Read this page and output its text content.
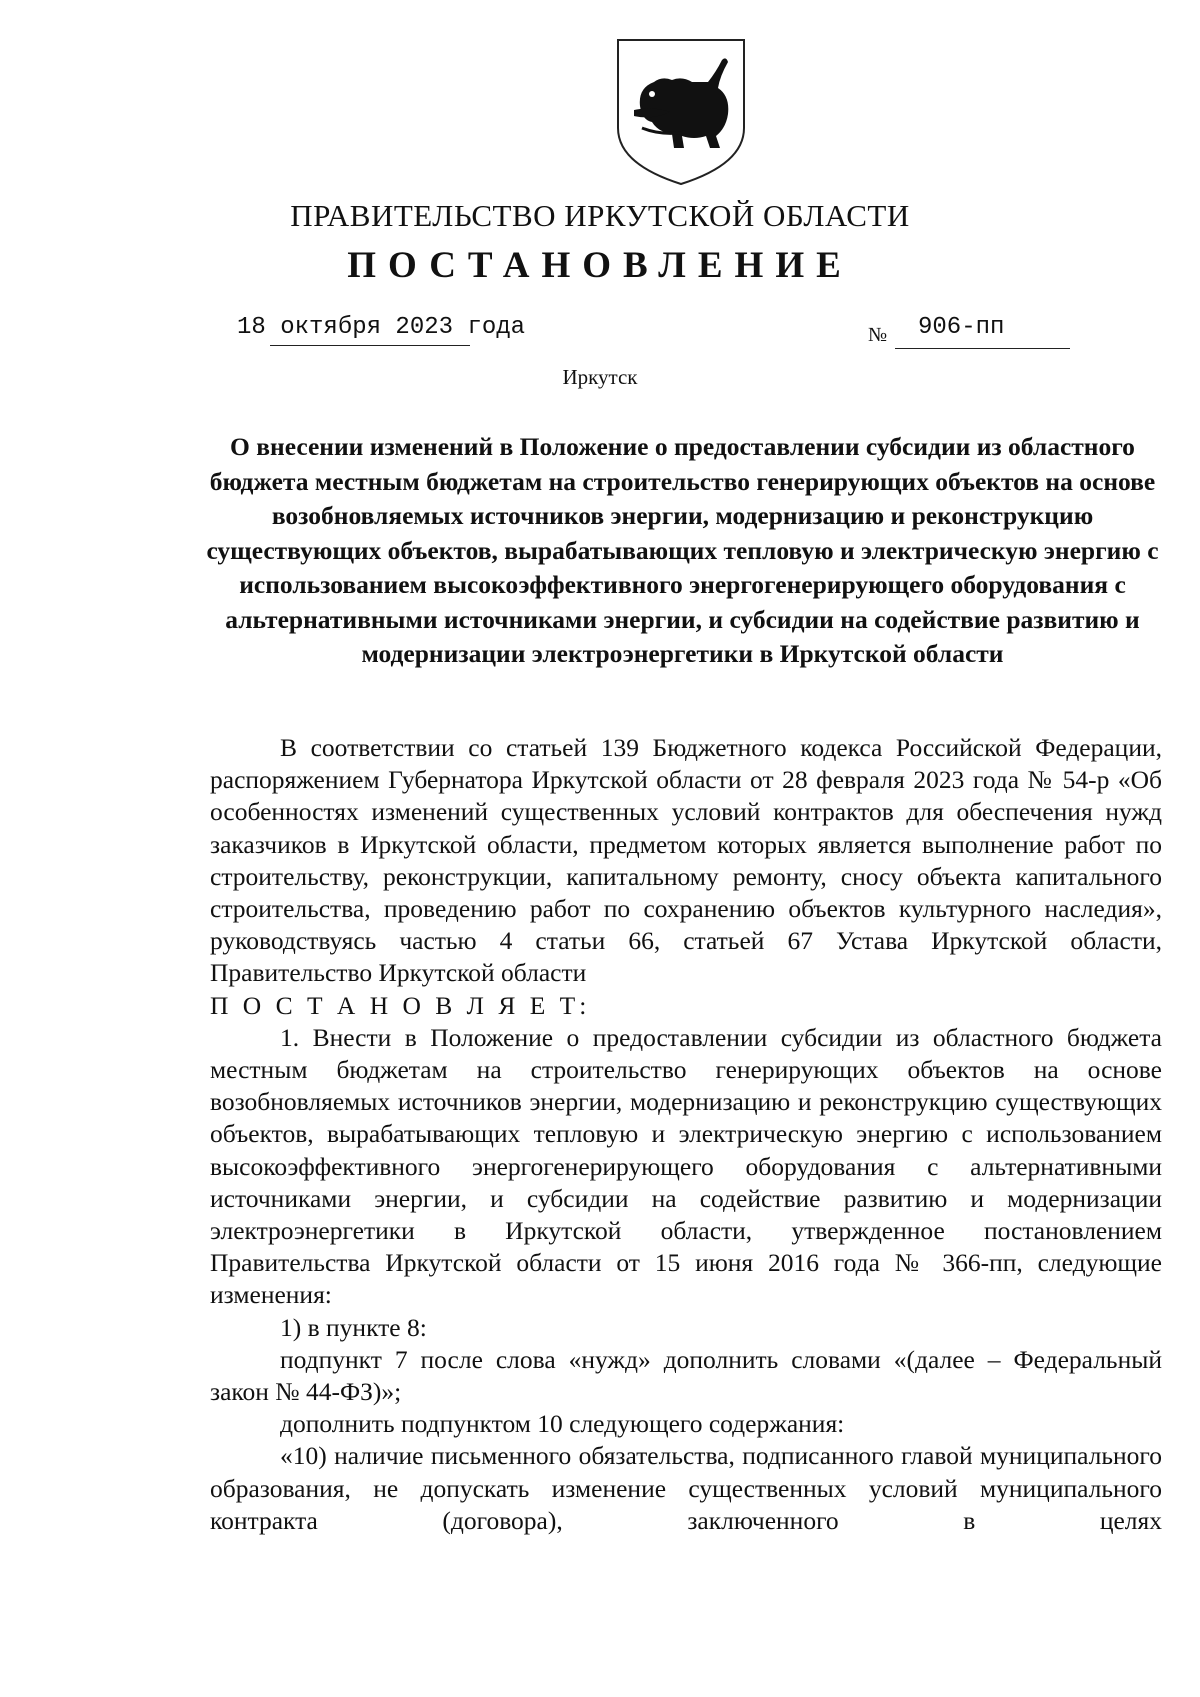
ПРАВИТЕЛЬСТВО ИРКУТСКОЙ ОБЛАСТИ
ПОСТАНОВЛЕНИЕ
18 октября 2023 года	№ 906-пп
Иркутск
О внесении изменений в Положение о предоставлении субсидии из областного бюджета местным бюджетам на строительство генерирующих объектов на основе возобновляемых источников энергии, модернизацию и реконструкцию существующих объектов, вырабатывающих тепловую и электрическую энергию с использованием высокоэффективного энергогенерирующего оборудования с альтернативными источниками энергии, и субсидии на содействие развитию и модернизации электроэнергетики в Иркутской области

В соответствии со статьей 139 Бюджетного кодекса Российской Федерации, распоряжением Губернатора Иркутской области от 28 февраля 2023 года № 54-р «Об особенностях изменений существенных условий контрактов для обеспечения нужд заказчиков в Иркутской области, предметом которых является выполнение работ по строительству, реконструкции, капитальному ремонту, сносу объекта капитального строительства, проведению работ по сохранению объектов культурного наследия», руководствуясь частью 4 статьи 66, статьей 67 Устава Иркутской области, Правительство Иркутской области

П О С Т А Н О В Л Я Е Т:

1. Внести в Положение о предоставлении субсидии из областного бюджета местным бюджетам на строительство генерирующих объектов на основе возобновляемых источников энергии, модернизацию и реконструкцию существующих объектов, вырабатывающих тепловую и электрическую энергию с использованием высокоэффективного энергогенерирующего оборудования с альтернативными источниками энергии, и субсидии на содействие развитию и модернизации электроэнергетики в Иркутской области, утвержденное постановлением Правительства Иркутской области от 15 июня 2016 года № 366-пп, следующие изменения:

1) в пункте 8:

подпункт 7 после слова «нужд» дополнить словами «(далее – Федеральный закон № 44-ФЗ)»;

дополнить подпунктом 10 следующего содержания:

«10) наличие письменного обязательства, подписанного главой муниципального образования, не допускать изменение существенных условий муниципального контракта (договора), заключенного в целях
